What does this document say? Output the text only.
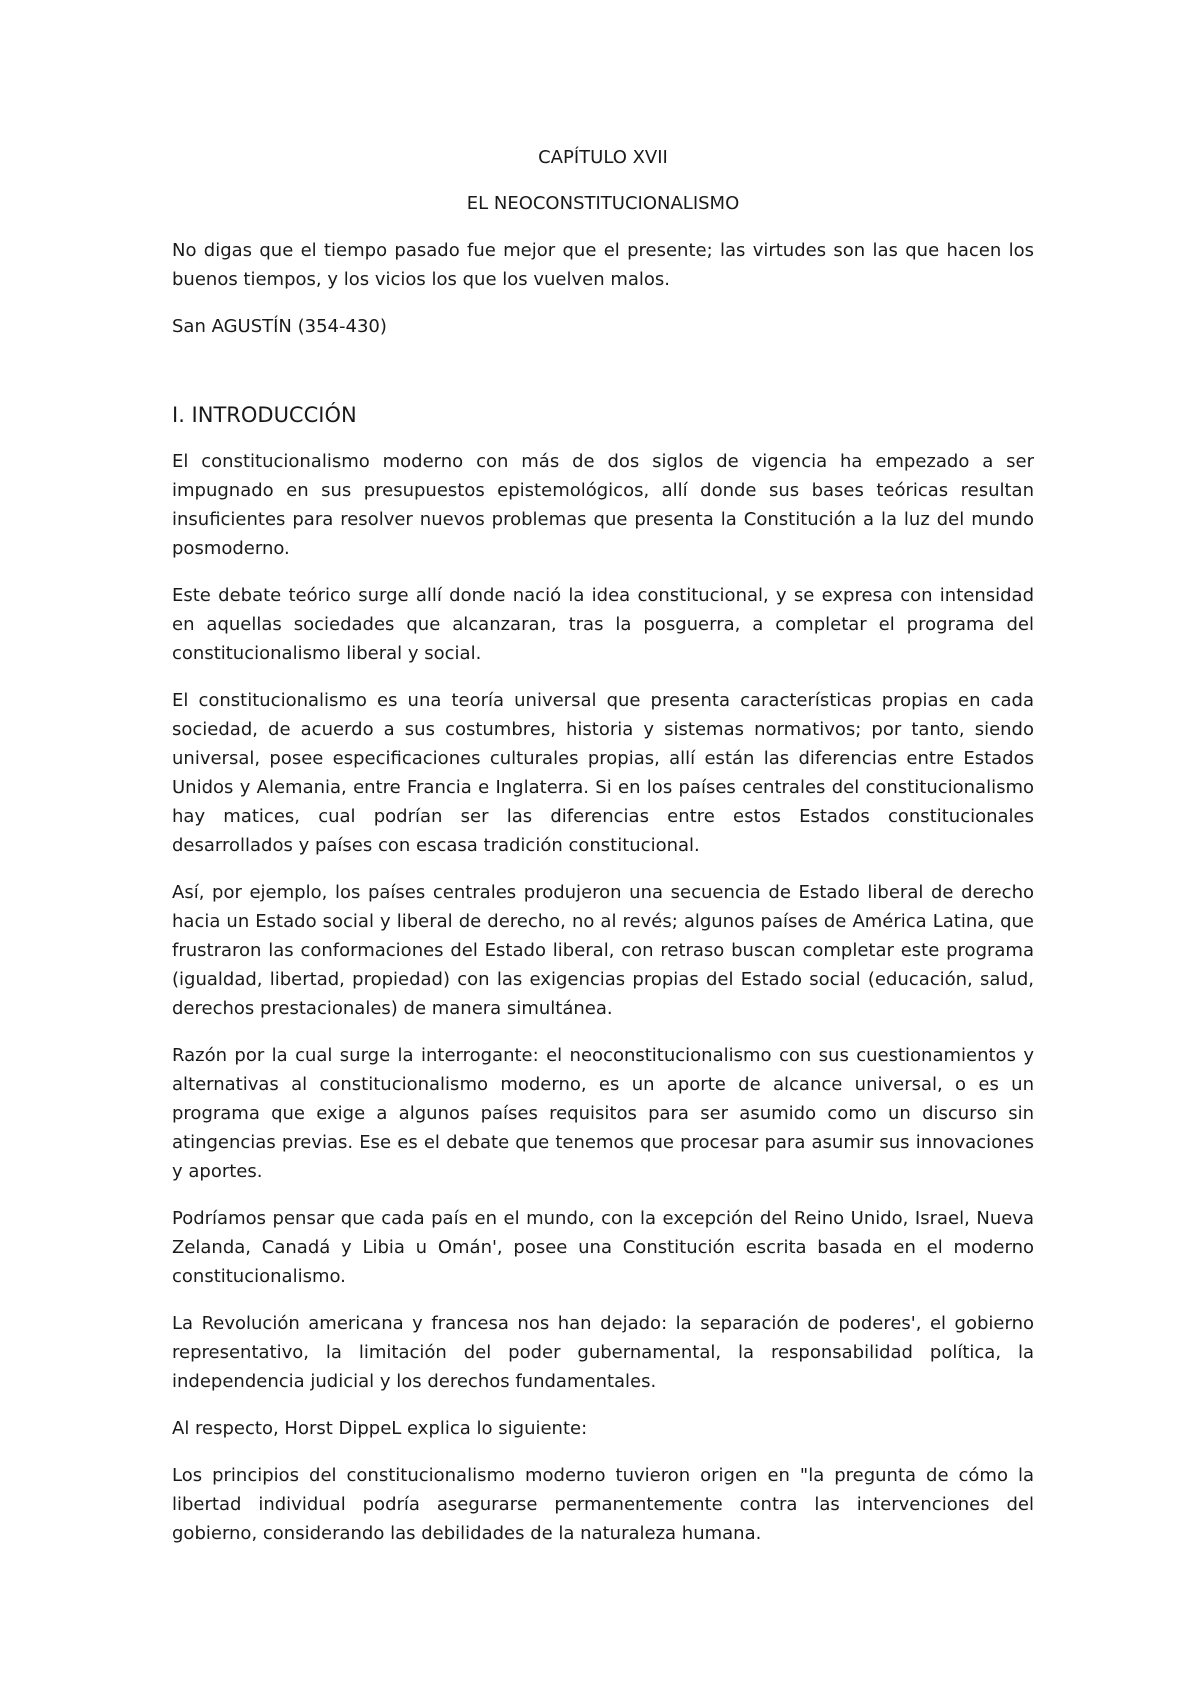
CAPÍTULO XVII
EL NEOCONSTITUCIONALISMO

No digas que el tiempo pasado fue mejor que el presente; las virtudes son las que hacen los buenos tiempos, y los vicios los que los vuelven malos.

San AGUSTÍN (354-430)

I. INTRODUCCIÓN

El constitucionalismo moderno con más de dos siglos de vigencia ha empezado a ser impugnado en sus presupuestos epistemológicos, allí donde sus bases teóricas resultan insuficientes para resolver nuevos problemas que presenta la Constitución a la luz del mundo posmoderno.

Este debate teórico surge allí donde nació la idea constitucional, y se expresa con intensidad en aquellas sociedades que alcanzaran, tras la posguerra, a completar el programa del constitucionalismo liberal y social.

El constitucionalismo es una teoría universal que presenta características propias en cada sociedad, de acuerdo a sus costumbres, historia y sistemas normativos; por tanto, siendo universal, posee especificaciones culturales propias, allí están las diferencias entre Estados Unidos y Alemania, entre Francia e Inglaterra. Si en los países centrales del constitucionalismo hay matices, cual podrían ser las diferencias entre estos Estados constitucionales desarrollados y países con escasa tradición constitucional.

Así, por ejemplo, los países centrales produjeron una secuencia de Estado liberal de derecho hacia un Estado social y liberal de derecho, no al revés; algunos países de América Latina, que frustraron las conformaciones del Estado liberal, con retraso buscan completar este programa (igualdad, libertad, propiedad) con las exigencias propias del Estado social (educación, salud, derechos prestacionales) de manera simultánea.

Razón por la cual surge la interrogante: el neoconstitucionalismo con sus cuestionamientos y alternativas al constitucionalismo moderno, es un aporte de alcance universal, o es un programa que exige a algunos países requisitos para ser asumido como un discurso sin atingencias previas. Ese es el debate que tenemos que procesar para asumir sus innovaciones y aportes.

Podríamos pensar que cada país en el mundo, con la excepción del Reino Unido, Israel, Nueva Zelanda, Canadá y Libia u Omán', posee una Constitución escrita basada en el moderno constitucionalismo.

La Revolución americana y francesa nos han dejado: la separación de poderes', el gobierno representativo, la limitación del poder gubernamental, la responsabilidad política, la independencia judicial y los derechos fundamentales.

Al respecto, Horst DippeL explica lo siguiente:

Los principios del constitucionalismo moderno tuvieron origen en "la pregunta de cómo la libertad individual podría asegurarse permanentemente contra las intervenciones del gobierno, considerando las debilidades de la naturaleza humana.
